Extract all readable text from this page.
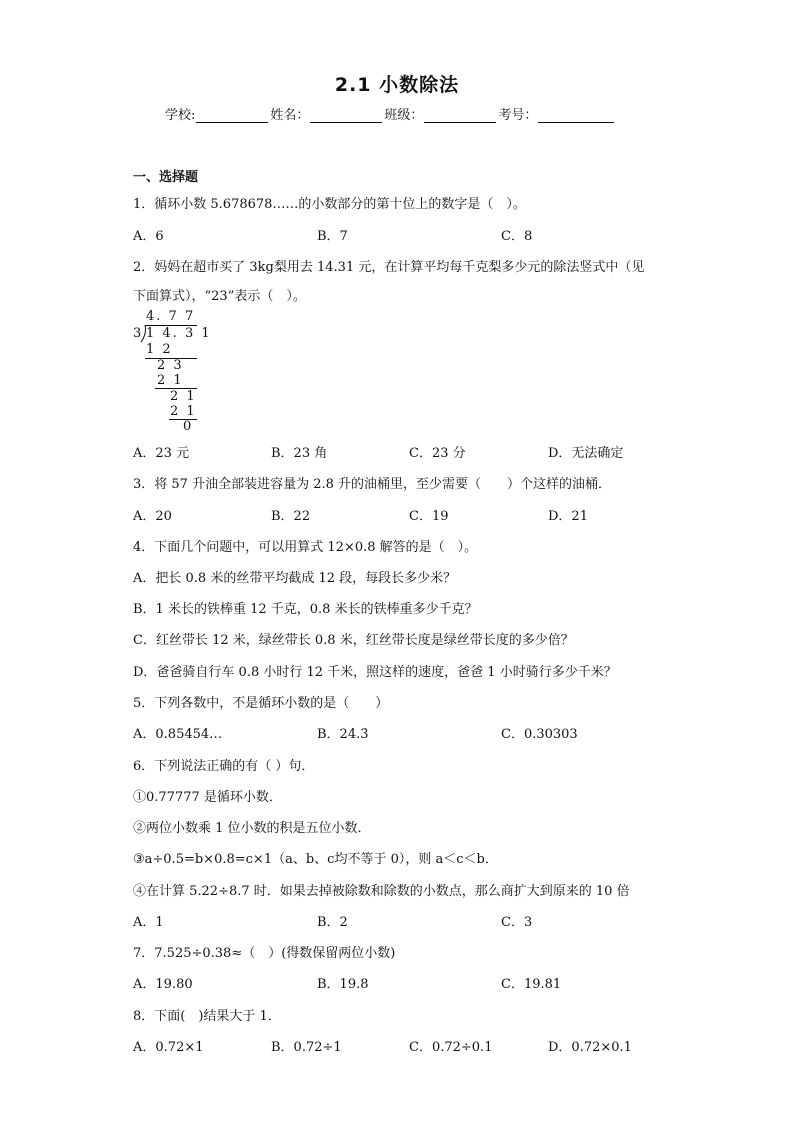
2.1 小数除法
学校:	姓名：	班级：	考号：
一、选择题
1．循环小数 5.678678……的小数部分的第十位上的数字是（　）。
A．6	B．7	C．8
2．妈妈在超市买了 3kg梨用去 14.31 元，在计算平均每千克梨多少元的除法竖式中（见
下面算式），“23”表示（　）。
A．23 元	B．23 角	C．23 分	D．无法确定
3．将 57 升油全部装进容量为 2.8 升的油桶里，至少需要（　　）个这样的油桶．
A．20	B．22	C．19	D．21
4．下面几个问题中，可以用算式 12×0.8 解答的是（　）。
A．把长 0.8 米的丝带平均截成 12 段，每段长多少米？
B．1 米长的铁棒重 12 千克，0.8 米长的铁棒重多少千克？
C．红丝带长 12 米，绿丝带长 0.8 米，红丝带长度是绿丝带长度的多少倍？
D．爸爸骑自行车 0.8 小时行 12 千米，照这样的速度，爸爸 1 小时骑行多少千米？
5．下列各数中，不是循环小数的是（　　）
A．0.85454…	B．24.3̇	C．0.30303
6．下列说法正确的有（ ）句．
①0.77777 是循环小数．
②两位小数乘 1 位小数的积是五位小数．
③a÷0.5=b×0.8=c×1（a、b、c均不等于 0），则 a＜c＜b．
④在计算 5.22÷8.7 时．如果去掉被除数和除数的小数点，那么商扩大到原来的 10 倍
A．1	B．2	C．3
7．7.525÷0.38≈（　）(得数保留两位小数)
A．19.80	B．19.8	C．19.81
8．下面(　)结果大于 1．
A．0.72×1	B．0.72÷1	C．0.72÷0.1	D．0.72×0.1
4. 7 7
3 1 4. 3 1
1 2
2 3
2 1
2 1
2 1
0
